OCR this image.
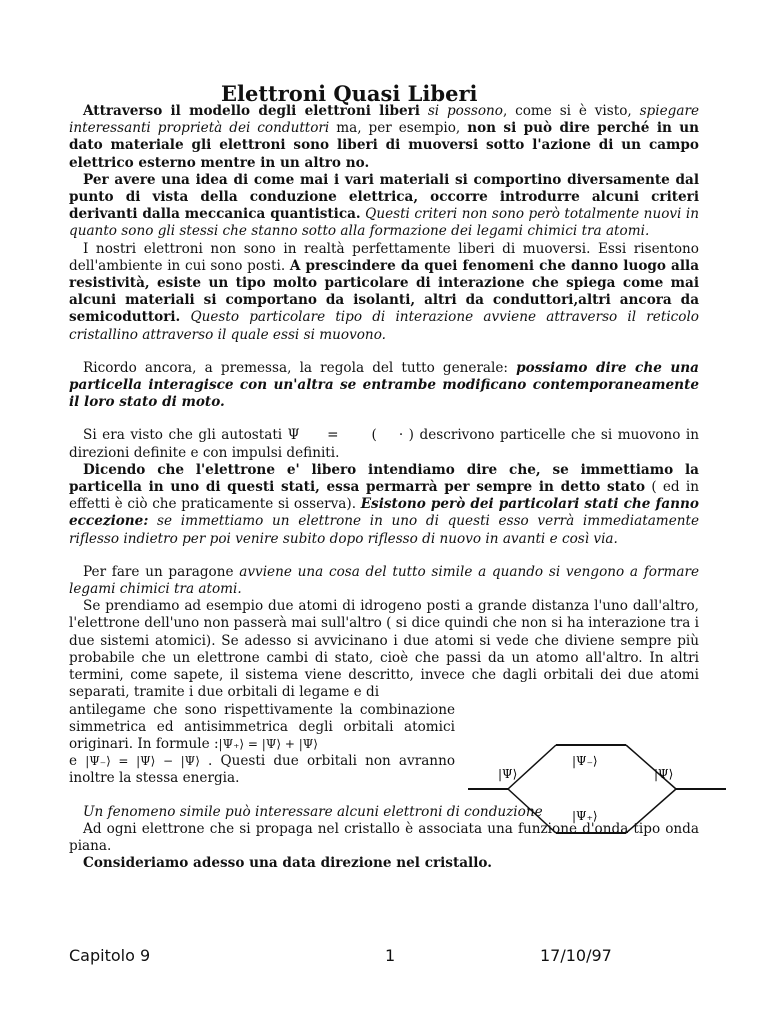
Elettroni Quasi Liberi

Attraverso il modello degli elettroni liberi si possono, come si è visto, spiegare interessanti proprietà dei conduttori ma, per esempio, non si può dire perché in un dato materiale gli elettroni sono liberi di muoversi sotto l'azione di un campo elettrico esterno mentre in un altro no.

Per avere una idea di come mai i vari materiali si comportino diversamente dal punto di vista della conduzione elettrica, occorre introdurre alcuni criteri derivanti dalla meccanica quantistica. Questi criteri non sono però totalmente nuovi in quanto sono gli stessi che stanno sotto alla formazione dei legami chimici tra atomi.

I nostri elettroni non sono in realtà perfettamente liberi di muoversi. Essi risentono dell'ambiente in cui sono posti. A prescindere da quei fenomeni che danno luogo alla resistività, esiste un tipo molto particolare di interazione che spiega come mai alcuni materiali si comportano da isolanti, altri da conduttori,altri ancora da semicoduttori. Questo particolare tipo di interazione avviene attraverso il reticolo cristallino attraverso il quale essi si muovono.

Ricordo ancora, a premessa, la regola del tutto generale: possiamo dire che una particella interagisce con un'altra se entrambe modificano contemporaneamente il loro stato di moto.

Si era visto che gli autostati Ψ     =      (    · ) descrivono particelle che si muovono in direzioni definite e con impulsi definiti.

Dicendo che l'elettrone e' libero intendiamo dire che, se immettiamo la particella in uno di questi stati, essa permarrà per sempre in detto stato ( ed in effetti è ciò che praticamente si osserva). Esistono però dei particolari stati che fanno eccezione: se immettiamo un elettrone in uno di questi esso verrà immediatamente riflesso indietro per poi venire subito dopo riflesso di nuovo in avanti e così via.

Per fare un paragone avviene una cosa del tutto simile a quando si vengono a formare legami chimici tra atomi.

Se prendiamo ad esempio due atomi di idrogeno posti a grande distanza l'uno dall'altro, l'elettrone dell'uno non passerà mai sull'altro ( si dice quindi che non si ha interazione tra i due sistemi atomici). Se adesso si avvicinano i due atomi si vede che diviene sempre più probabile che un elettrone cambi di stato, cioè che passi da un atomo all'altro. In altri termini, come sapete, il sistema viene descritto, invece che dagli orbitali dei due atomi separati, tramite i due orbitali di legame e di

antilegame che sono rispettivamente la combinazione simmetrica ed antisimmetrica degli orbitali atomici originari. In formule :|Ψ₊⟩ = |Ψ⟩ + |Ψ⟩
e |Ψ₋⟩ = |Ψ⟩ − |Ψ⟩ . Questi due orbitali non avranno inoltre la stessa energia.

Un fenomeno simile può interessare alcuni elettroni di conduzione

Ad ogni elettrone che si propaga nel cristallo è associata una funzione d'onda tipo onda piana.

Consideriamo adesso una data direzione nel cristallo.

|Ψ⟩	|Ψ⟩
|Ψ₋⟩
|Ψ₊⟩
Capitolo 9	1	17/10/97
